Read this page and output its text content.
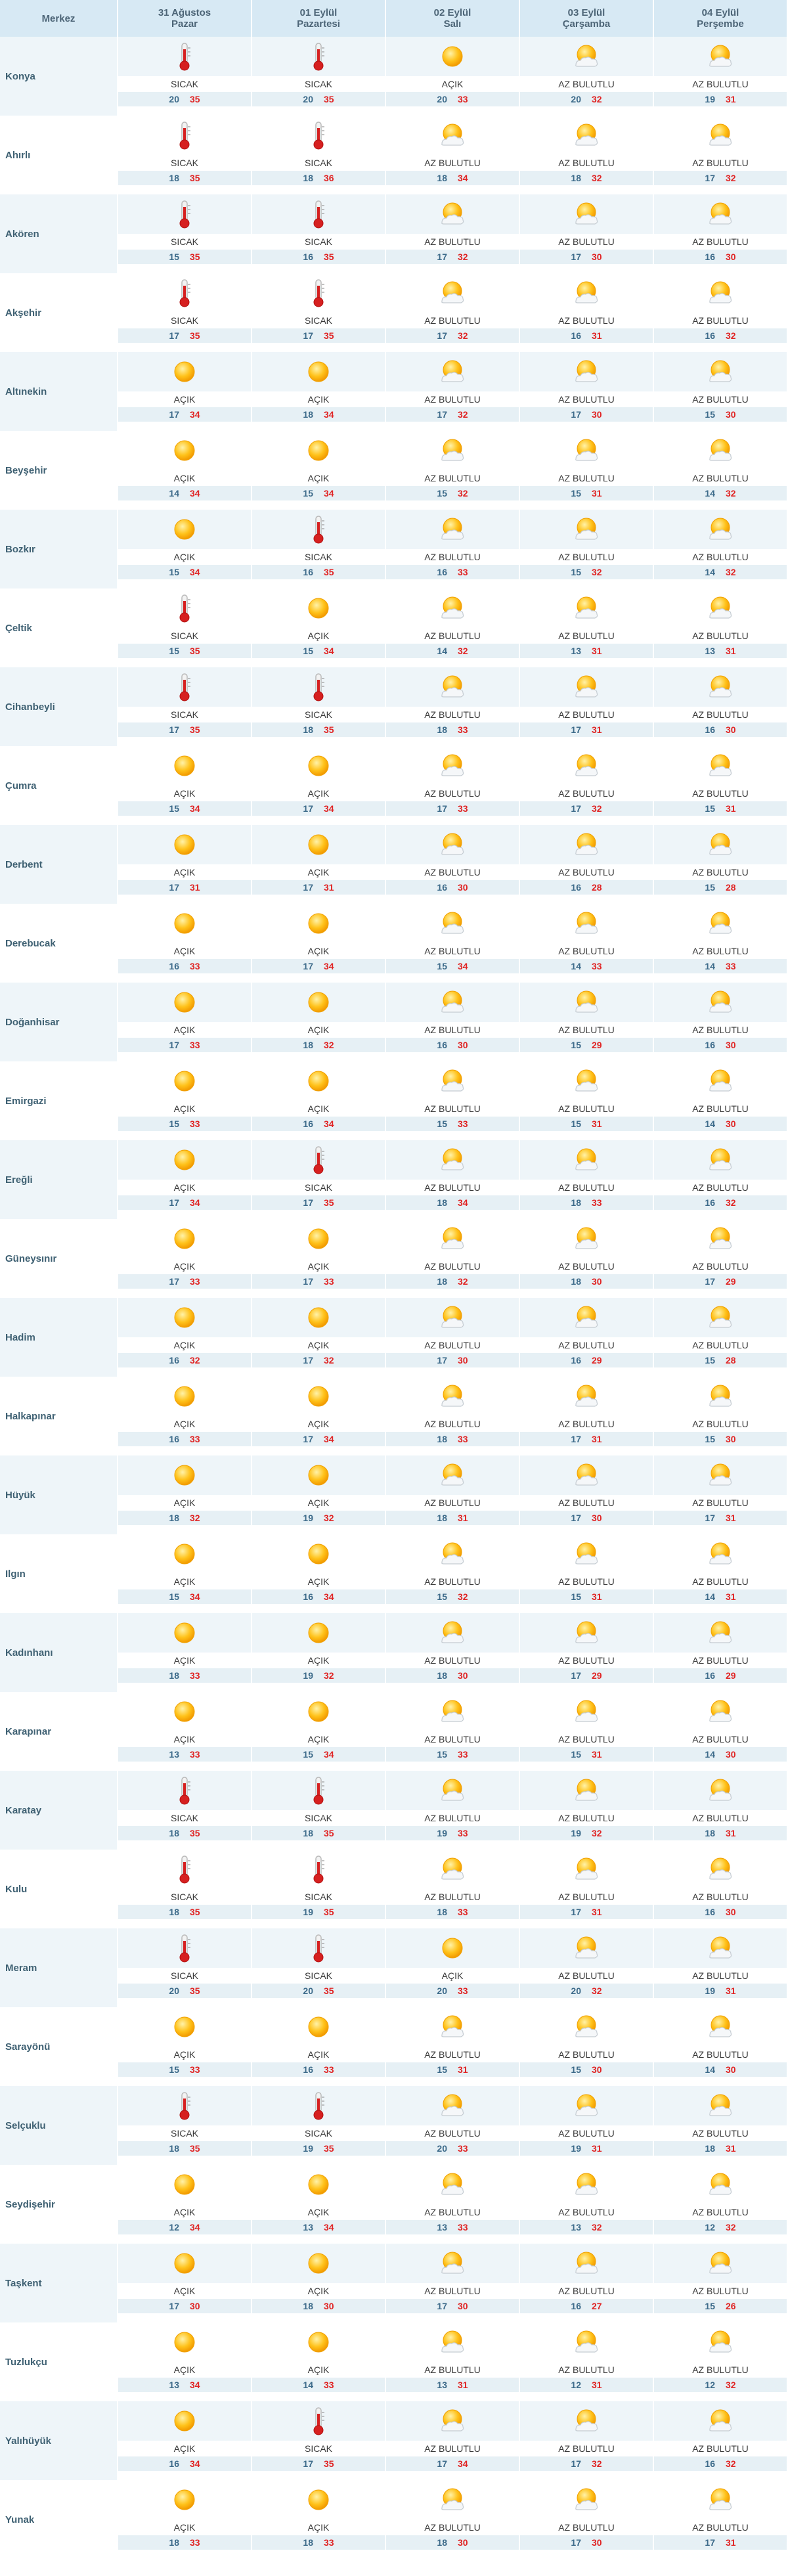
Merkez	31 Ağustos
Pazar
01 Eylül
Pazartesi
02 Eylül
Salı
03 Eylül
Çarşamba
04 Eylül
Perşembe
Konya
SICAK
20 35
SICAK
20 35
AÇIK
20 33
AZ BULUTLU
20 32
AZ BULUTLU
19 31
Ahırlı
SICAK
18 35
SICAK
18 36
AZ BULUTLU
18 34
AZ BULUTLU
18 32
AZ BULUTLU
17 32
Akören
SICAK
15 35
SICAK
16 35
AZ BULUTLU
17 32
AZ BULUTLU
17 30
AZ BULUTLU
16 30
Akşehir
SICAK
17 35
SICAK
17 35
AZ BULUTLU
17 32
AZ BULUTLU
16 31
AZ BULUTLU
16 32
Altınekin
AÇIK
17 34
AÇIK
18 34
AZ BULUTLU
17 32
AZ BULUTLU
17 30
AZ BULUTLU
15 30
Beyşehir
AÇIK
14 34
AÇIK
15 34
AZ BULUTLU
15 32
AZ BULUTLU
15 31
AZ BULUTLU
14 32
Bozkır
AÇIK
15 34
SICAK
16 35
AZ BULUTLU
16 33
AZ BULUTLU
15 32
AZ BULUTLU
14 32
Çeltik
SICAK
15 35
AÇIK
15 34
AZ BULUTLU
14 32
AZ BULUTLU
13 31
AZ BULUTLU
13 31
Cihanbeyli
SICAK
17 35
SICAK
18 35
AZ BULUTLU
18 33
AZ BULUTLU
17 31
AZ BULUTLU
16 30
Çumra
AÇIK
15 34
AÇIK
17 34
AZ BULUTLU
17 33
AZ BULUTLU
17 32
AZ BULUTLU
15 31
Derbent
AÇIK
17 31
AÇIK
17 31
AZ BULUTLU
16 30
AZ BULUTLU
16 28
AZ BULUTLU
15 28
Derebucak
AÇIK
16 33
AÇIK
17 34
AZ BULUTLU
15 34
AZ BULUTLU
14 33
AZ BULUTLU
14 33
Doğanhisar
AÇIK
17 33
AÇIK
18 32
AZ BULUTLU
16 30
AZ BULUTLU
15 29
AZ BULUTLU
16 30
Emirgazi
AÇIK
15 33
AÇIK
16 34
AZ BULUTLU
15 33
AZ BULUTLU
15 31
AZ BULUTLU
14 30
Ereğli
AÇIK
17 34
SICAK
17 35
AZ BULUTLU
18 34
AZ BULUTLU
18 33
AZ BULUTLU
16 32
Güneysınır
AÇIK
17 33
AÇIK
17 33
AZ BULUTLU
18 32
AZ BULUTLU
18 30
AZ BULUTLU
17 29
Hadim
AÇIK
16 32
AÇIK
17 32
AZ BULUTLU
17 30
AZ BULUTLU
16 29
AZ BULUTLU
15 28
Halkapınar
AÇIK
16 33
AÇIK
17 34
AZ BULUTLU
18 33
AZ BULUTLU
17 31
AZ BULUTLU
15 30
Hüyük
AÇIK
18 32
AÇIK
19 32
AZ BULUTLU
18 31
AZ BULUTLU
17 30
AZ BULUTLU
17 31
Ilgın
AÇIK
15 34
AÇIK
16 34
AZ BULUTLU
15 32
AZ BULUTLU
15 31
AZ BULUTLU
14 31
Kadınhanı
AÇIK
18 33
AÇIK
19 32
AZ BULUTLU
18 30
AZ BULUTLU
17 29
AZ BULUTLU
16 29
Karapınar
AÇIK
13 33
AÇIK
15 34
AZ BULUTLU
15 33
AZ BULUTLU
15 31
AZ BULUTLU
14 30
Karatay
SICAK
18 35
SICAK
18 35
AZ BULUTLU
19 33
AZ BULUTLU
19 32
AZ BULUTLU
18 31
Kulu
SICAK
18 35
SICAK
19 35
AZ BULUTLU
18 33
AZ BULUTLU
17 31
AZ BULUTLU
16 30
Meram
SICAK
20 35
SICAK
20 35
AÇIK
20 33
AZ BULUTLU
20 32
AZ BULUTLU
19 31
Sarayönü
AÇIK
15 33
AÇIK
16 33
AZ BULUTLU
15 31
AZ BULUTLU
15 30
AZ BULUTLU
14 30
Selçuklu
SICAK
18 35
SICAK
19 35
AZ BULUTLU
20 33
AZ BULUTLU
19 31
AZ BULUTLU
18 31
Seydişehir
AÇIK
12 34
AÇIK
13 34
AZ BULUTLU
13 33
AZ BULUTLU
13 32
AZ BULUTLU
12 32
Taşkent
AÇIK
17 30
AÇIK
18 30
AZ BULUTLU
17 30
AZ BULUTLU
16 27
AZ BULUTLU
15 26
Tuzlukçu
AÇIK
13 34
AÇIK
14 33
AZ BULUTLU
13 31
AZ BULUTLU
12 31
AZ BULUTLU
12 32
Yalıhüyük
AÇIK
16 34
SICAK
17 35
AZ BULUTLU
17 34
AZ BULUTLU
17 32
AZ BULUTLU
16 32
Yunak
AÇIK
18 33
AÇIK
18 33
AZ BULUTLU
18 30
AZ BULUTLU
17 30
AZ BULUTLU
17 31
